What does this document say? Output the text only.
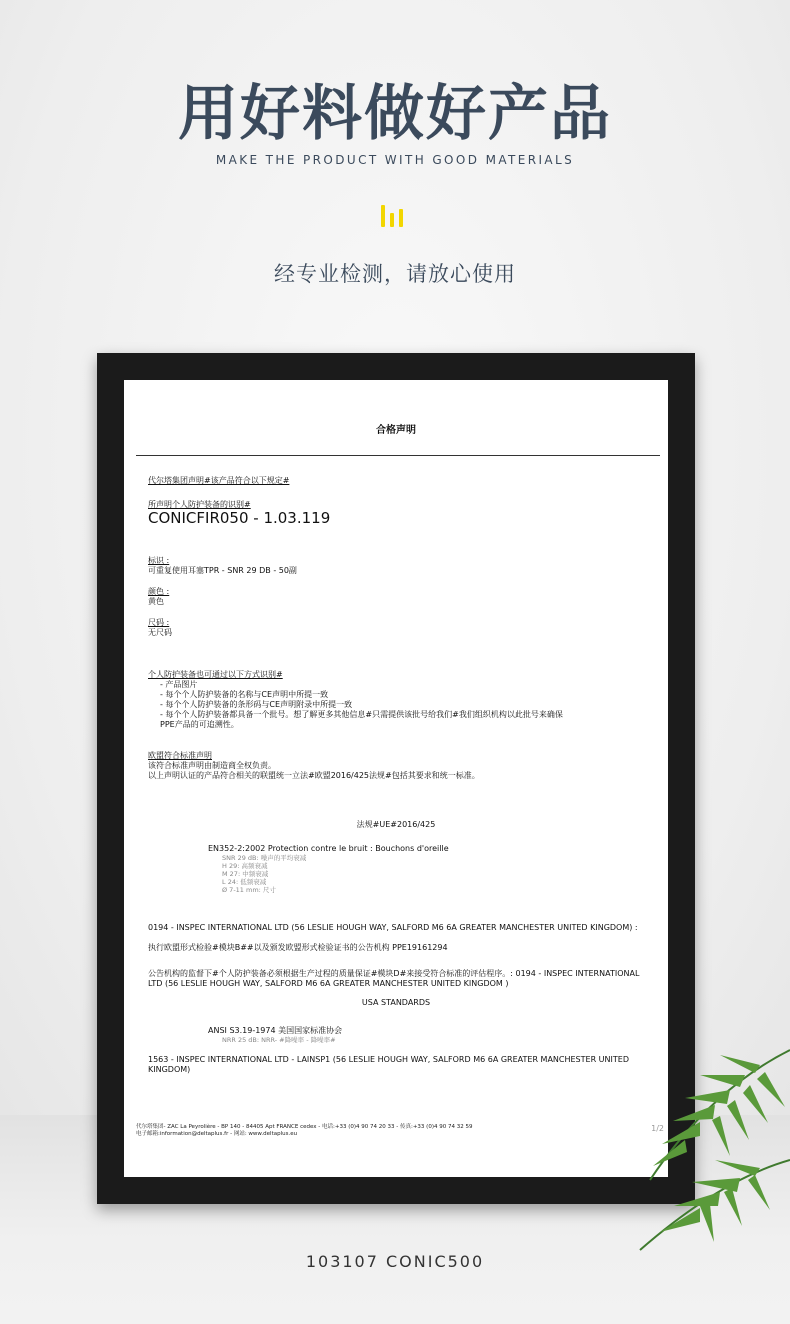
用好料做好产品
MAKE THE PRODUCT WITH GOOD MATERIALS
经专业检测，请放心使用
合格声明
代尔塔集团声明#该产品符合以下规定#
所声明个人防护装备的识别#
CONICFIR050 - 1.03.119
标识 :
可重复使用耳塞TPR - SNR 29 DB - 50副
颜色 :
黄色
尺码 :
无尺码
个人防护装备也可通过以下方式识别#
- 产品图片
- 每个个人防护装备的名称与CE声明中所提一致
- 每个个人防护装备的条形码与CE声明附录中所提一致
- 每个个人防护装备都具备一个批号。想了解更多其他信息#只需提供该批号给我们#我们组织机构以此批号来确保
PPE产品的可追溯性。
欧盟符合标准声明
该符合标准声明由制造商全权负责。
以上声明认证的产品符合相关的联盟统一立法#欧盟2016/425法规#包括其要求和统一标准。
法规#UE#2016/425
EN352-2:2002 Protection contre le bruit : Bouchons d'oreille
SNR 29 dB: 噪声的平均衰减
H 29: 高频衰减
M 27: 中频衰减
L 24: 低频衰减
Ø 7-11 mm: 尺寸
0194 - INSPEC INTERNATIONAL LTD (56 LESLIE HOUGH WAY, SALFORD M6 6A GREATER MANCHESTER UNITED KINGDOM) :
执行欧盟形式检验#模块B##以及颁发欧盟形式检验证书的公告机构 PPE19161294
公告机构的监督下#个人防护装备必须根据生产过程的质量保证#模块D#来接受符合标准的评估程序。: 0194 - INSPEC INTERNATIONAL LTD (56 LESLIE HOUGH WAY, SALFORD M6 6A GREATER MANCHESTER UNITED KINGDOM )
USA STANDARDS
ANSI S3.19-1974 美国国家标准协会
NRR 25 dB: NRR- #降噪率 - 降噪率#
1563 - INSPEC INTERNATIONAL LTD - LAINSP1 (56 LESLIE HOUGH WAY, SALFORD M6 6A GREATER MANCHESTER UNITED KINGDOM)
代尔塔集团- ZAC La Peyrolière - BP 140 - 84405 Apt FRANCE cedex - 电话:+33 (0)4 90 74 20 33 - 传真:+33 (0)4 90 74 32 59
电子邮箱:information@deltaplus.fr - 网站: www.deltaplus.eu
1/2
103107 CONIC500
